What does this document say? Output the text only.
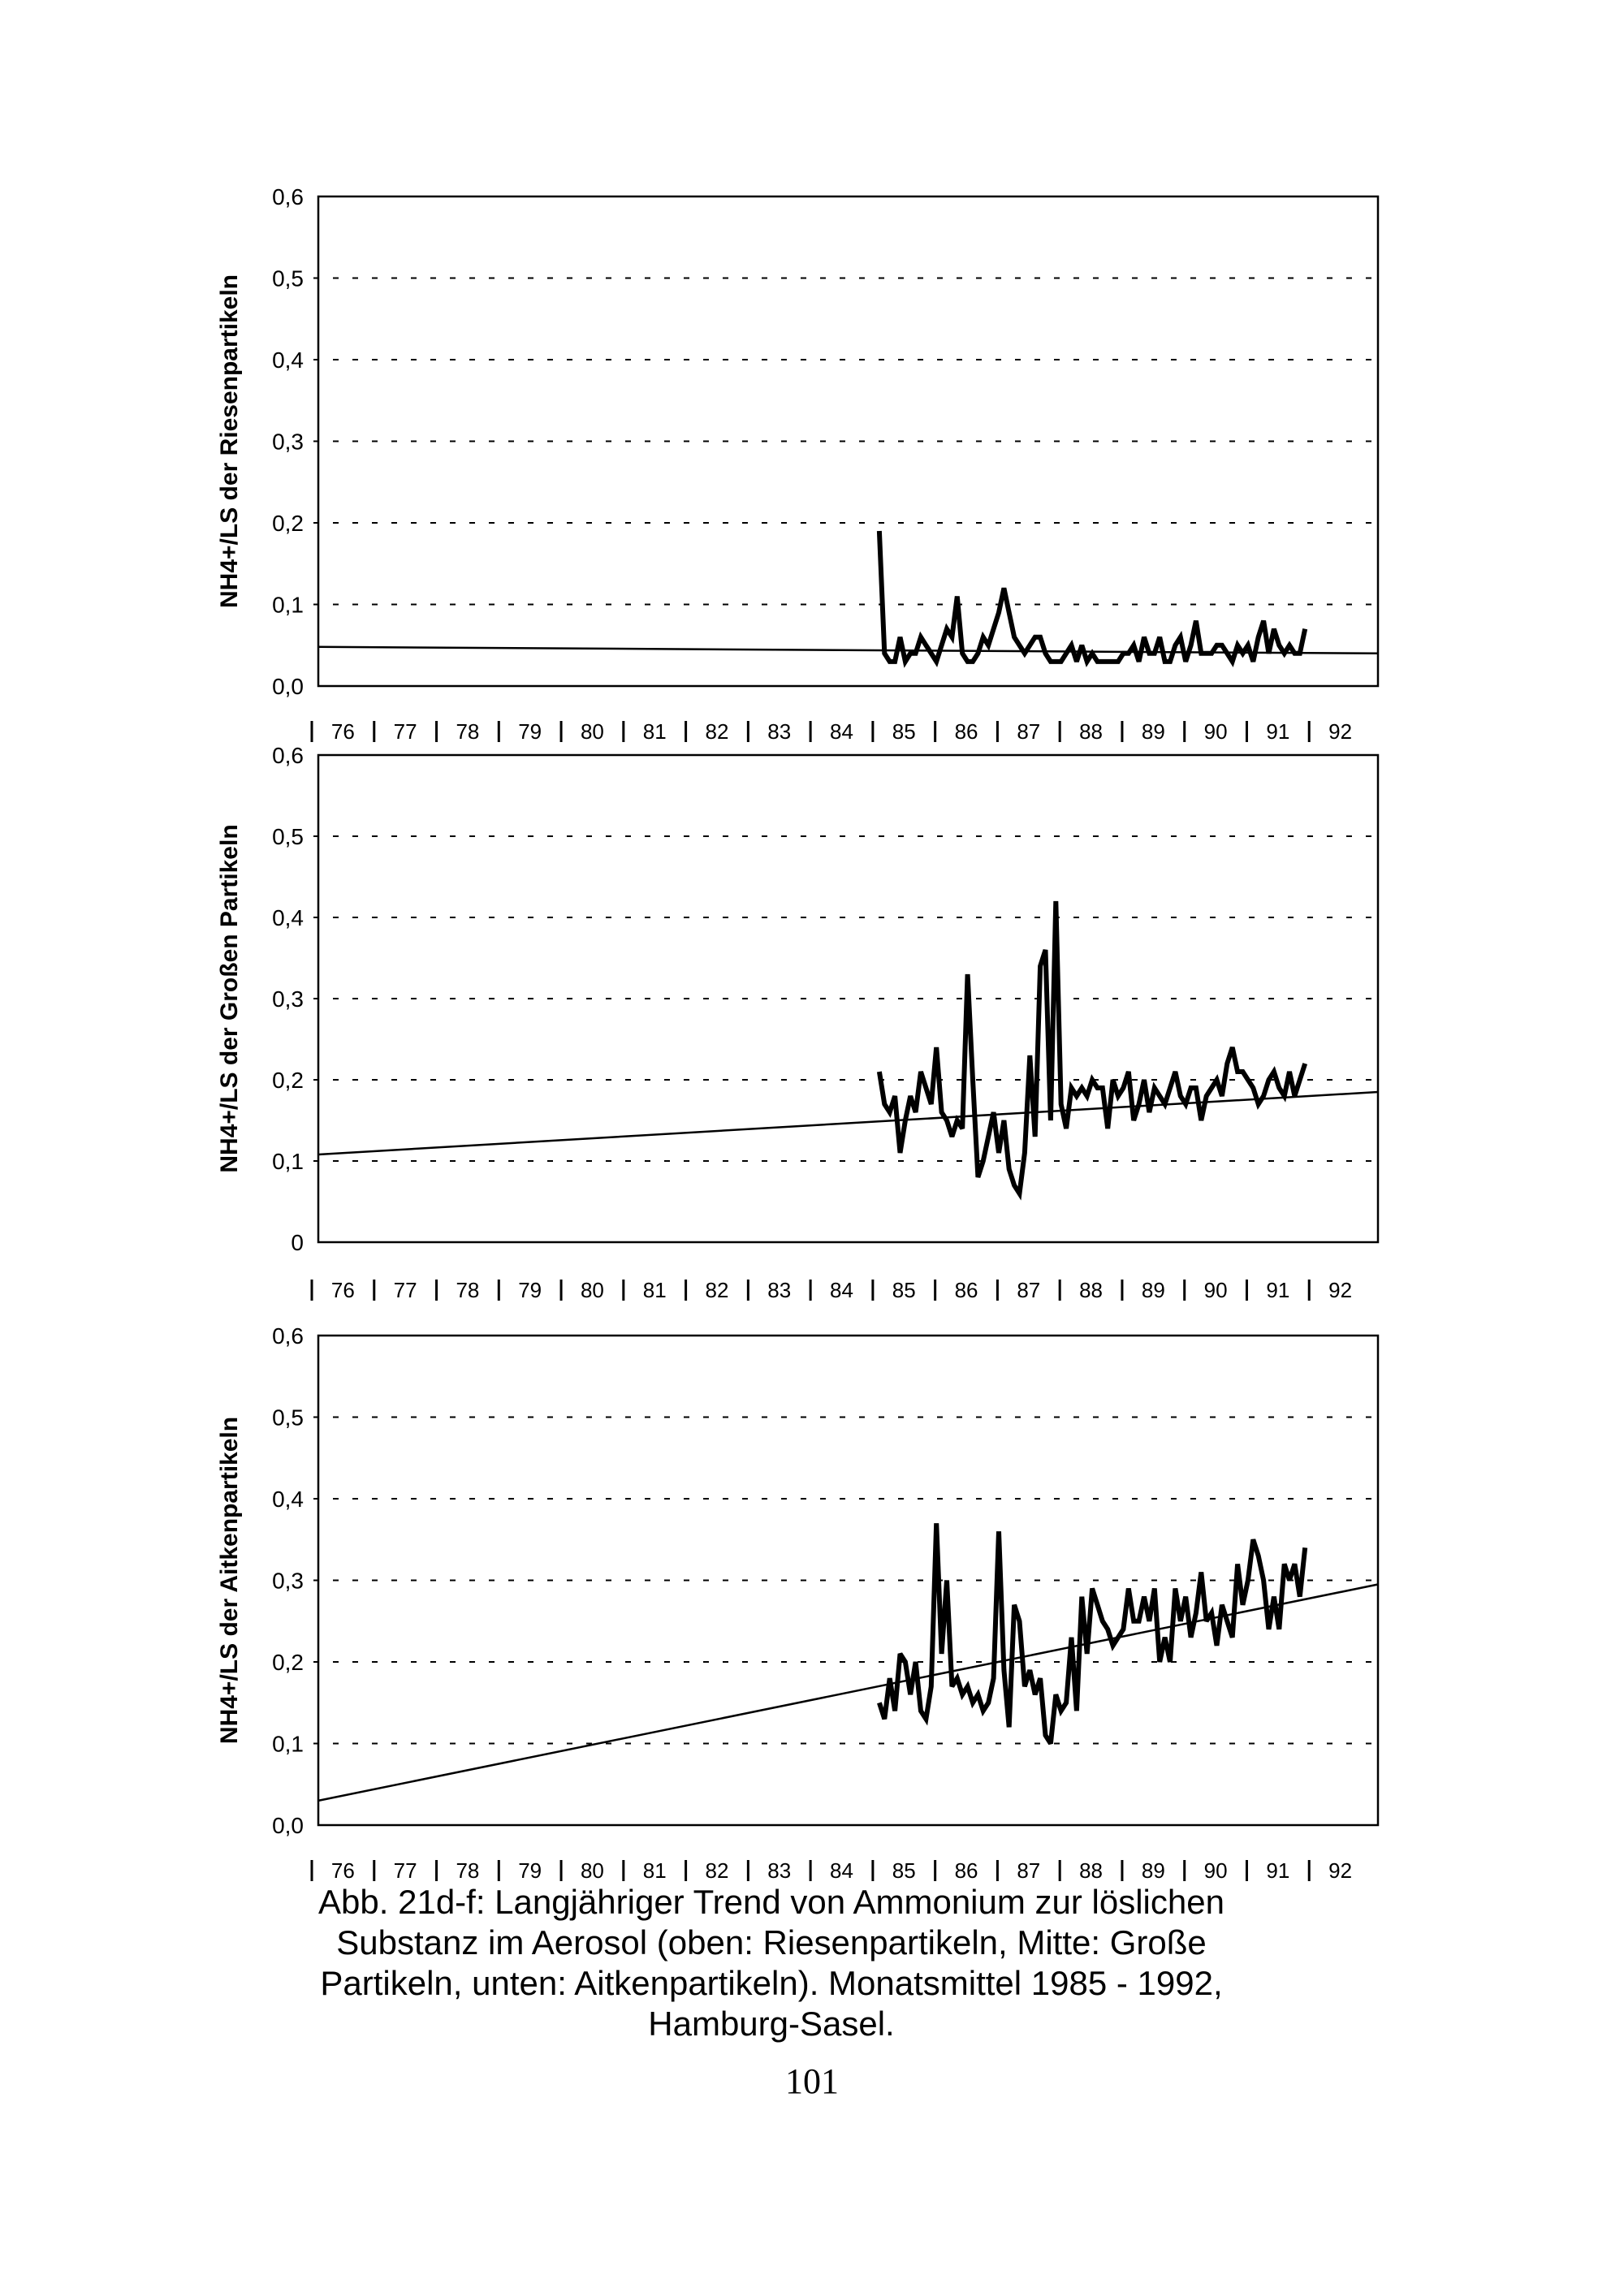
0,0
0,1
0,2
0,3
0,4
0,5
0,6
NH4+/LS der Riesenpartikeln
76 77 78 79 80 81 82 83 84 85 86 87 88 89 90 91 92
0
0,1
0,2
0,3
0,4
0,5
0,6
NH4+/LS der Großen Partikeln
76 77 78 79 80 81 82 83 84 85 86 87 88 89 90 91 92
0,0
0,1
0,2
0,3
0,4
0,5
0,6
NH4+/LS der Aitkenpartikeln
76 77 78 79 80 81 82 83 84 85 86 87 88 89 90 91 92

Abb. 21d-f: Langjähriger Trend von Ammonium zur löslichen
Substanz im Aerosol (oben: Riesenpartikeln, Mitte: Große
Partikeln, unten: Aitkenpartikeln). Monatsmittel 1985 - 1992,
Hamburg-Sasel.

101
